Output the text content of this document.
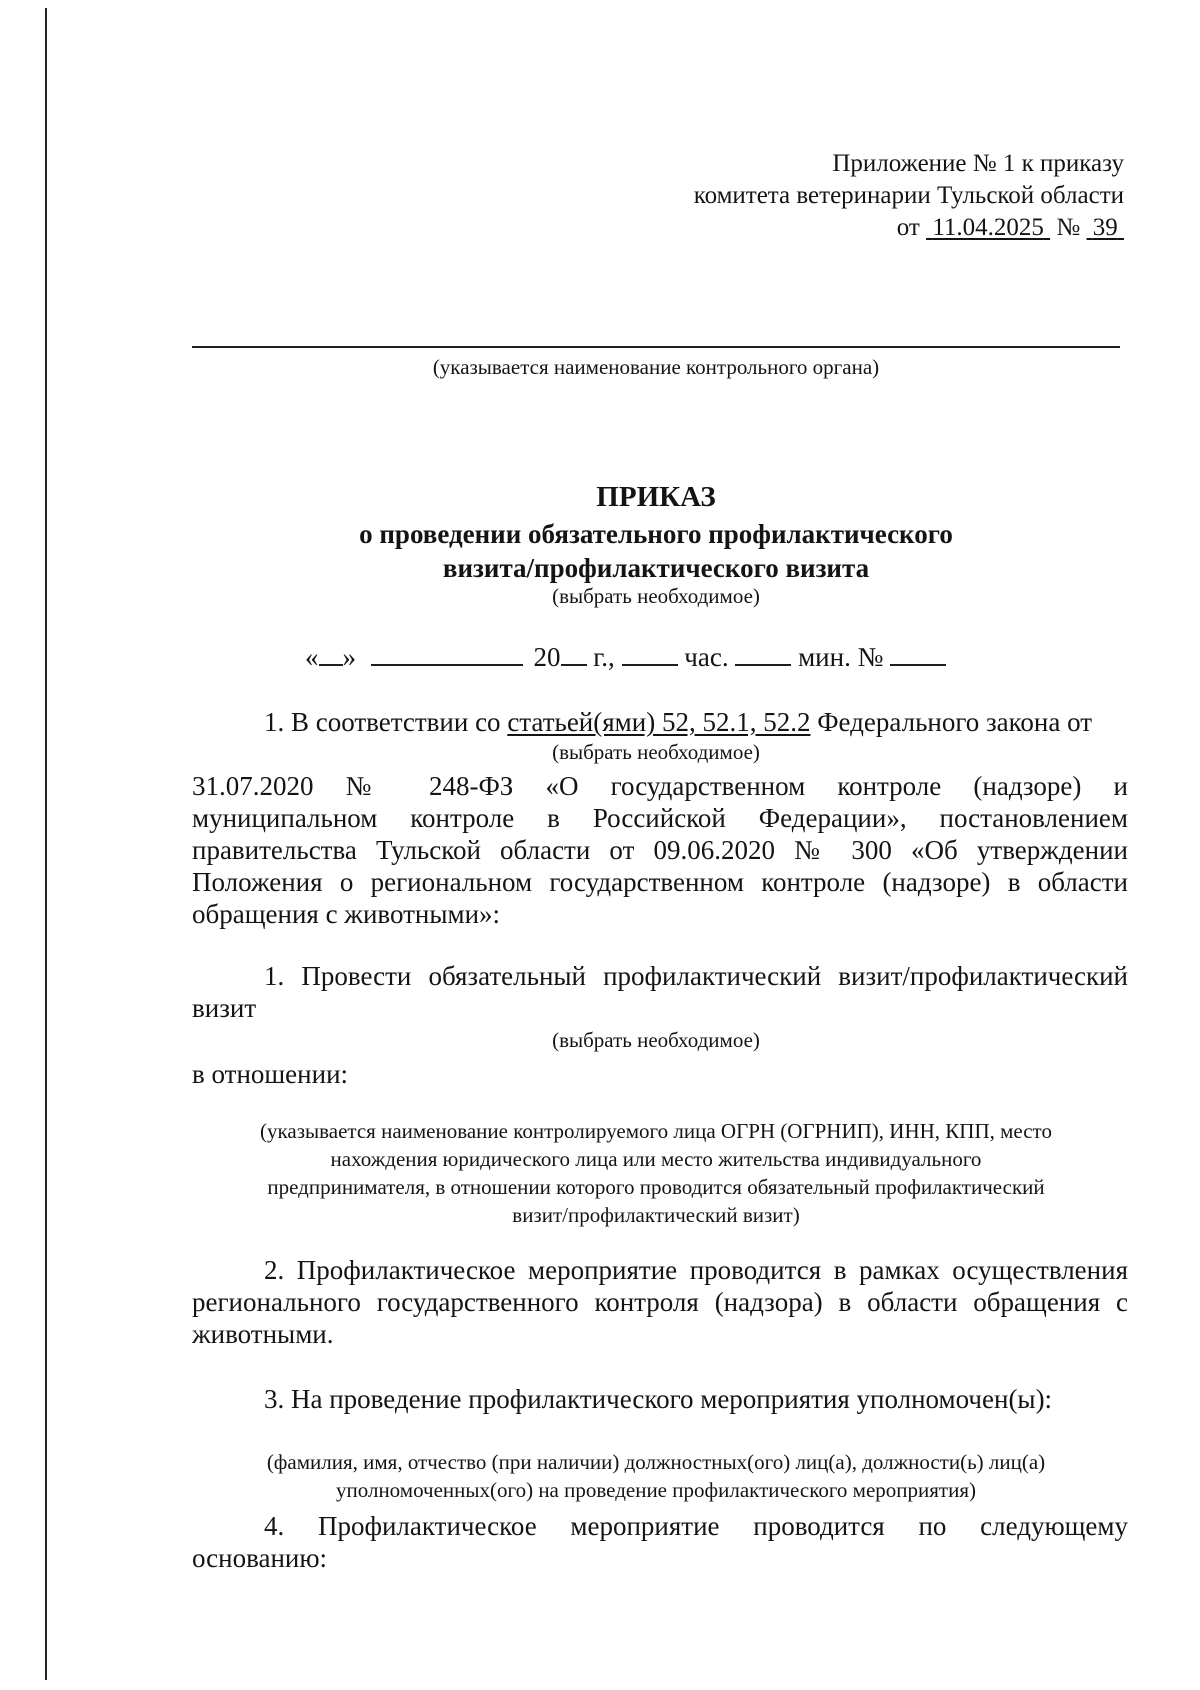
Приложение № 1 к приказу
комитета ветеринарии Тульской области
от 11.04.2025 № 39
(указывается наименование контрольного органа)
ПРИКАЗ
о проведении обязательного профилактического
визита/профилактического визита
(выбрать необходимое)
« »	20 г.,	час.	мин. №
1. В соответствии со статьей(ями) 52, 52.1, 52.2 Федерального закона от
(выбрать необходимое)
31.07.2020 № 248-ФЗ «О государственном контроле (надзоре) и
муниципальном контроле в Российской Федерации», постановлением
правительства Тульской области от 09.06.2020 № 300 «Об утверждении
Положения о региональном государственном контроле (надзоре) в области
обращения с животными»:
1. Провести обязательный профилактический визит/профилактический
визит
(выбрать необходимое)
в отношении:
(указывается наименование контролируемого лица ОГРН (ОГРНИП), ИНН, КПП, место
нахождения юридического лица или место жительства индивидуального
предпринимателя, в отношении которого проводится обязательный профилактический
визит/профилактический визит)
2. Профилактическое мероприятие проводится в рамках осуществления
регионального государственного контроля (надзора) в области обращения с
животными.
3. На проведение профилактического мероприятия уполномочен(ы):
(фамилия, имя, отчество (при наличии) должностных(ого) лиц(а), должности(ь) лиц(а)
уполномоченных(ого) на проведение профилактического мероприятия)
4. Профилактическое мероприятие проводится по следующему
основанию:
